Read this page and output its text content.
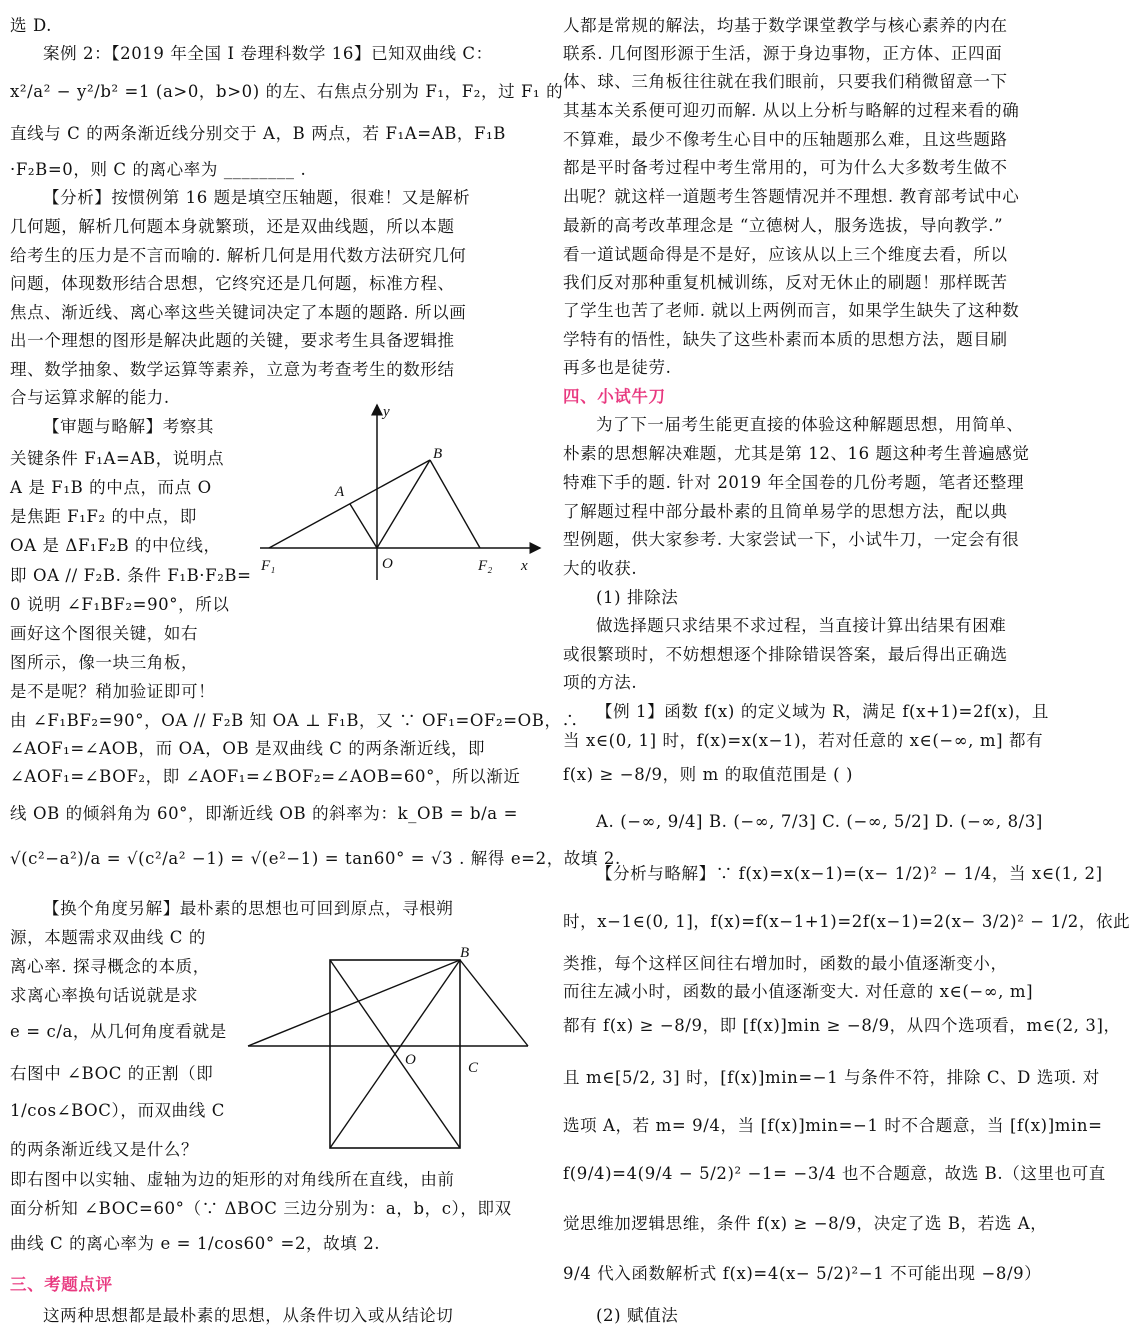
选 D.
案例 2：【2019 年全国 I 卷理科数学 16】已知双曲线 C：
x²/a² − y²/b² =1 (a>0，b>0) 的左、右焦点分别为 F₁，F₂，过 F₁ 的
直线与 C 的两条渐近线分别交于 A，B 两点，若 F₁A=AB，F₁B
·F₂B=0，则 C 的离心率为 ________ .
【分析】按惯例第 16 题是填空压轴题，很难！又是解析
几何题，解析几何题本身就繁琐，还是双曲线题，所以本题
给考生的压力是不言而喻的. 解析几何是用代数方法研究几何
问题，体现数形结合思想，它终究还是几何题，标准方程、
焦点、渐近线、离心率这些关键词决定了本题的题路. 所以画
出一个理想的图形是解决此题的关键，要求考生具备逻辑推
理、数学抽象、数学运算等素养，立意为考查考生的数形结
合与运算求解的能力.
【审题与略解】考察其
关键条件 F₁A=AB，说明点
A 是 F₁B 的中点，而点 O
是焦距 F₁F₂ 的中点，即
OA 是 ΔF₁F₂B 的中位线，
即 OA // F₂B. 条件 F₁B·F₂B=
0 说明 ∠F₁BF₂=90°，所以
画好这个图很关键，如右
图所示，像一块三角板，
是不是呢？稍加验证即可！
由 ∠F₁BF₂=90°，OA // F₂B 知 OA ⊥ F₁B，又 ∵ OF₁=OF₂=OB，∴
∠AOF₁=∠AOB，而 OA，OB 是双曲线 C 的两条渐近线，即
∠AOF₁=∠BOF₂，即 ∠AOF₁=∠BOF₂=∠AOB=60°，所以渐近
线 OB 的倾斜角为 60°，即渐近线 OB 的斜率为：k_OB = b/a =
√(c²−a²)/a = √(c²/a² −1) = √(e²−1) = tan60° = √3 . 解得 e=2，故填 2.
【换个角度另解】最朴素的思想也可回到原点，寻根朔
源，本题需求双曲线 C 的
离心率. 探寻概念的本质，
求离心率换句话说就是求
e = c/a，从几何角度看就是
右图中 ∠BOC 的正割（即
1/cos∠BOC），而双曲线 C
的两条渐近线又是什么？
即右图中以实轴、虚轴为边的矩形的对角线所在直线，由前
面分析知 ∠BOC=60°（∵ ΔBOC 三边分别为：a，b，c），即双
曲线 C 的离心率为 e = 1/cos60° =2，故填 2.
三、考题点评
这两种思想都是最朴素的思想，从条件切入或从结论切
人都是常规的解法，均基于数学课堂教学与核心素养的内在
联系. 几何图形源于生活，源于身边事物，正方体、正四面
体、球、三角板往往就在我们眼前，只要我们稍微留意一下
其基本关系便可迎刃而解. 从以上分析与略解的过程来看的确
不算难，最少不像考生心目中的压轴题那么难，且这些题路
都是平时备考过程中考生常用的，可为什么大多数考生做不
出呢？就这样一道题考生答题情况并不理想. 教育部考试中心
最新的高考改革理念是 “立德树人，服务选拔，导向教学.”
看一道试题命得是不是好，应该从以上三个维度去看，所以
我们反对那种重复机械训练，反对无休止的刷题！那样既苦
了学生也苦了老师. 就以上两例而言，如果学生缺失了这种数
学特有的悟性，缺失了这些朴素而本质的思想方法，题目刷
再多也是徒劳.
四、小试牛刀
为了下一届考生能更直接的体验这种解题思想，用简单、
朴素的思想解决难题，尤其是第 12、16 题这种考生普遍感觉
特难下手的题. 针对 2019 年全国卷的几份考题，笔者还整理
了解题过程中部分最朴素的且简单易学的思想方法，配以典
型例题，供大家参考. 大家尝试一下，小试牛刀，一定会有很
大的收获.
(1) 排除法
做选择题只求结果不求过程，当直接计算出结果有困难
或很繁琐时，不妨想想逐个排除错误答案，最后得出正确选
项的方法.
【例 1】函数 f(x) 的定义域为 R，满足 f(x+1)=2f(x)，且
当 x∈(0, 1] 时，f(x)=x(x−1)，若对任意的 x∈(−∞, m] 都有
f(x) ≥ −8/9，则 m 的取值范围是 ( )
A. (−∞, 9/4] B. (−∞, 7/3] C. (−∞, 5/2] D. (−∞, 8/3]
【分析与略解】∵ f(x)=x(x−1)=(x− 1/2)² − 1/4，当 x∈(1, 2]
时，x−1∈(0, 1]，f(x)=f(x−1+1)=2f(x−1)=2(x− 3/2)² − 1/2，依此
类推，每个这样区间往右增加时，函数的最小值逐渐变小，
而往左减小时，函数的最小值逐渐变大. 对任意的 x∈(−∞, m]
都有 f(x) ≥ −8/9，即 [f(x)]min ≥ −8/9，从四个选项看，m∈(2, 3]，
且 m∈[5/2, 3] 时，[f(x)]min=−1 与条件不符，排除 C、D 选项. 对
选项 A，若 m= 9/4，当 [f(x)]min=−1 时不合题意，当 [f(x)]min=
f(9/4)=4(9/4 − 5/2)² −1= −3/4 也不合题意，故选 B.（这里也可直
觉思维加逻辑思维，条件 f(x) ≥ −8/9，决定了选 B，若选 A，
9/4 代入函数解析式 f(x)=4(x− 5/2)²−1 不可能出现 −8/9）
(2) 赋值法
y
x
B
A
F₁	O	F₂
B
O	C
